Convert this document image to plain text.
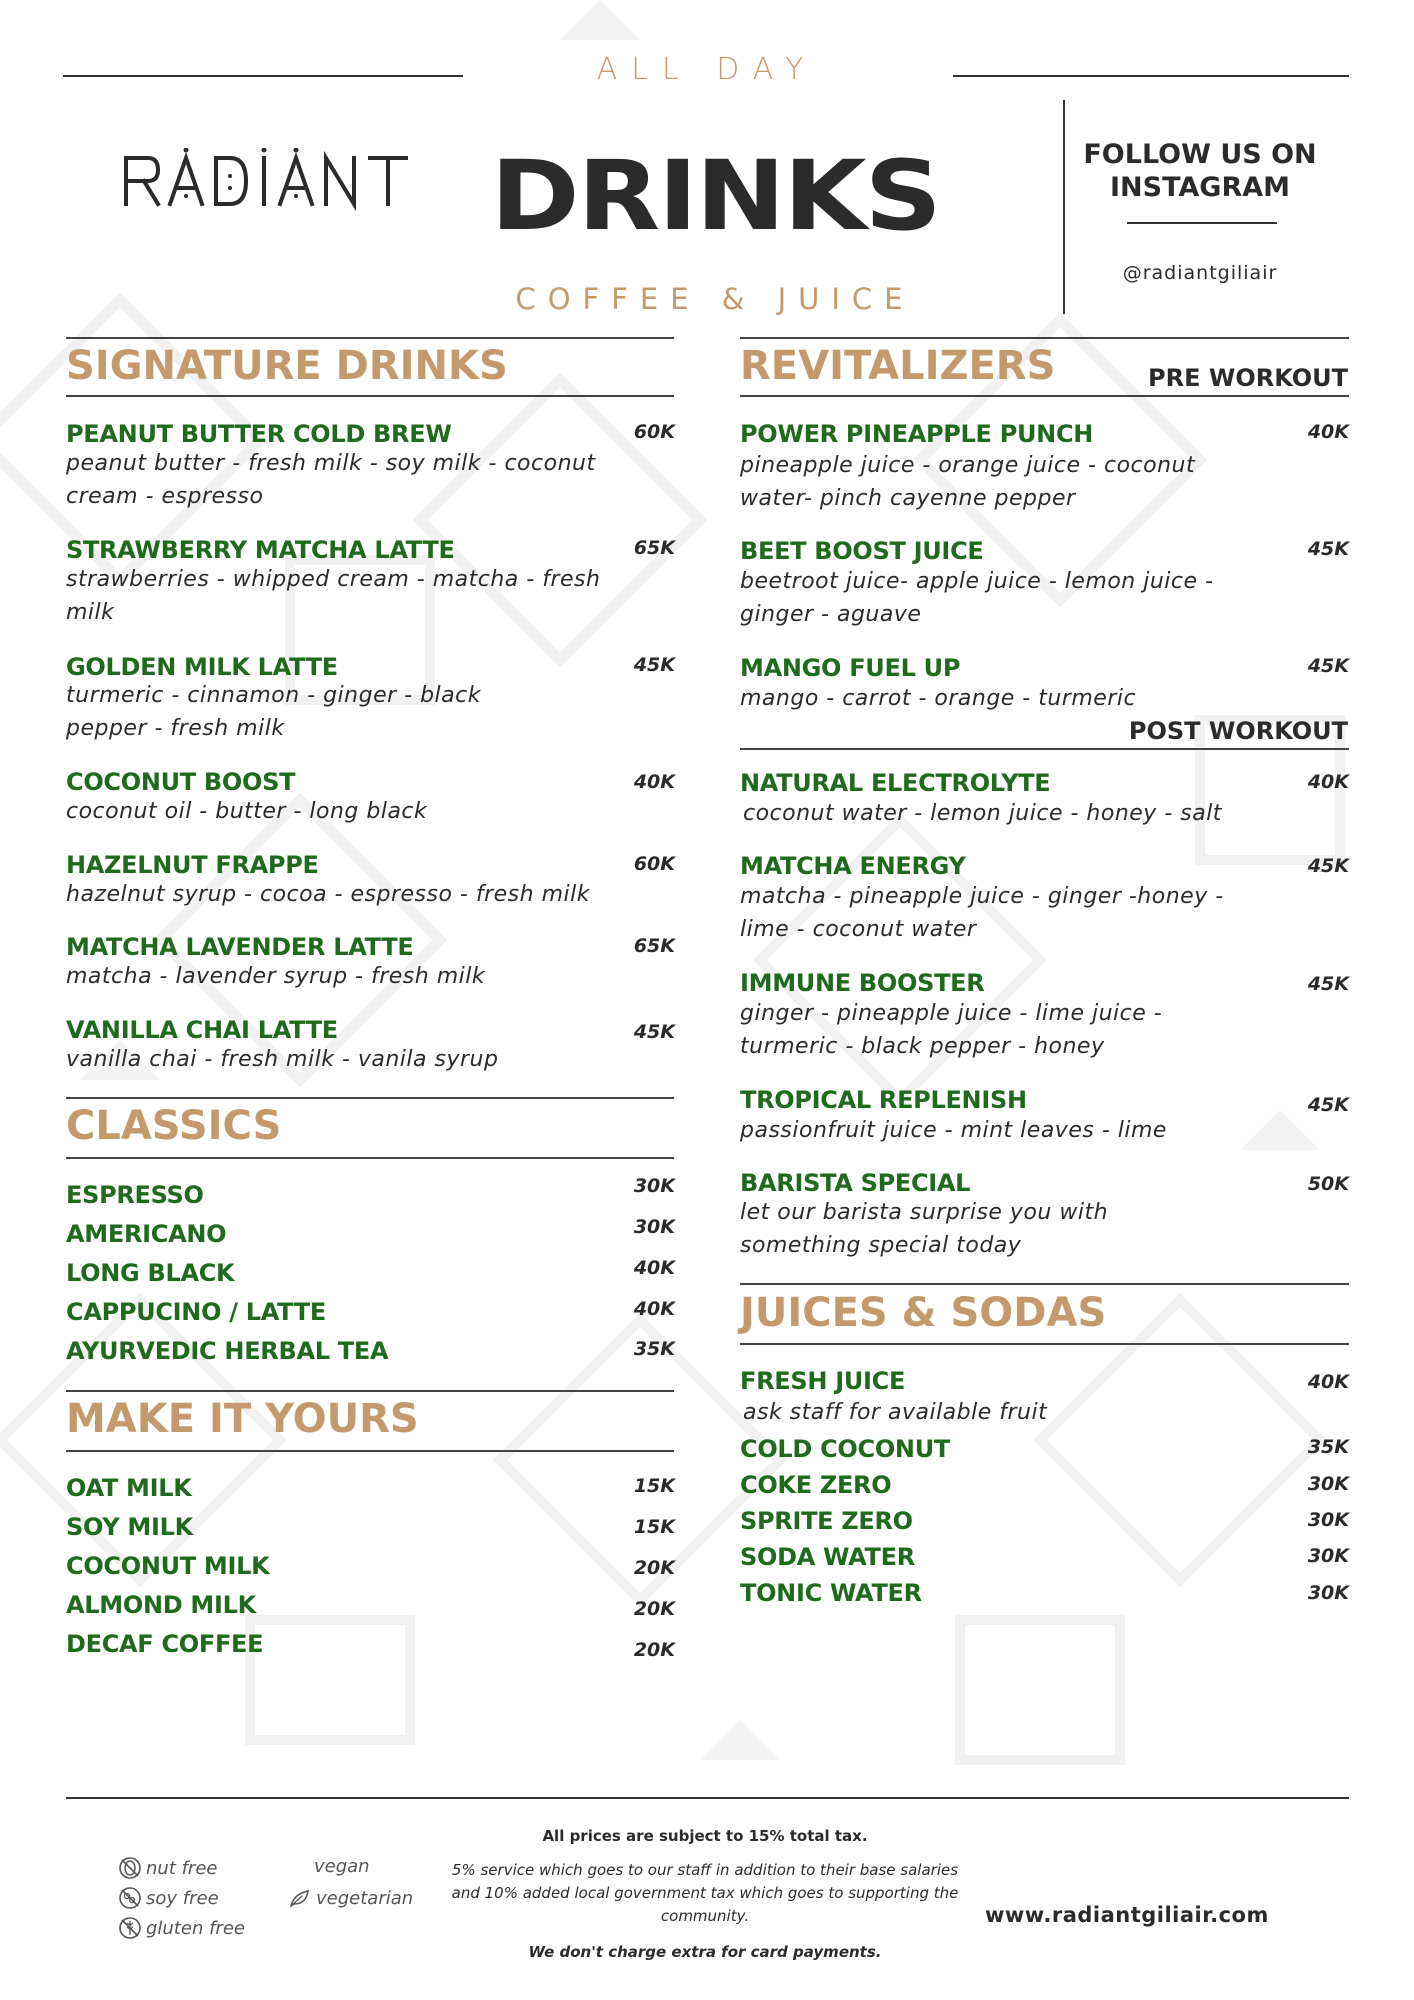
ALL DAY
DRINKS
COFFEE & JUICE
FOLLOW US ON
INSTAGRAM
@radiantgiliair
SIGNATURE DRINKS
PEANUT BUTTER COLD BREW	60K
peanut butter - fresh milk - soy milk - coconut
cream - espresso
STRAWBERRY MATCHA LATTE	65K
strawberries - whipped cream - matcha - fresh
milk
GOLDEN MILK LATTE	45K
turmeric - cinnamon - ginger - black
pepper - fresh milk
COCONUT BOOST	40K
coconut oil - butter - long black
HAZELNUT FRAPPE	60K
hazelnut syrup - cocoa - espresso - fresh milk
MATCHA LAVENDER LATTE	65K
matcha - lavender syrup - fresh milk
VANILLA CHAI LATTE	45K
vanilla chai - fresh milk - vanila syrup
CLASSICS
ESPRESSO	30K
AMERICANO	30K
LONG BLACK	40K
CAPPUCINO / LATTE	40K
AYURVEDIC HERBAL TEA	35K
MAKE IT YOURS
OAT MILK	15K
SOY MILK	15K
COCONUT MILK	20K
ALMOND MILK	20K
DECAF COFFEE	20K
REVITALIZERS	PRE WORKOUT
POWER PINEAPPLE PUNCH	40K
pineapple juice - orange juice - coconut
water- pinch cayenne pepper
BEET BOOST JUICE	45K
beetroot juice- apple juice - lemon juice -
ginger - aguave
MANGO FUEL UP	45K
mango - carrot - orange - turmeric
POST WORKOUT
NATURAL ELECTROLYTE	40K
coconut water - lemon juice - honey - salt
MATCHA ENERGY	45K
matcha - pineapple juice - ginger -honey -
lime - coconut water
IMMUNE BOOSTER	45K
ginger - pineapple juice - lime juice -
turmeric - black pepper - honey
TROPICAL REPLENISH	45K
passionfruit juice - mint leaves - lime
BARISTA SPECIAL	50K
let our barista surprise you with
something special today
JUICES & SODAS
FRESH JUICE	40K
ask staff for available fruit
COLD COCONUT	35K
COKE ZERO	30K
SPRITE ZERO	30K
SODA WATER	30K
TONIC WATER	30K
nut free
soy free
gluten free
vegan
vegetarian
All prices are subject to 15% total tax.
5% service which goes to our staff in addition to their base salaries
and 10% added local government tax which goes to supporting the
community.
We don't charge extra for card payments.
www.radiantgiliair.com
